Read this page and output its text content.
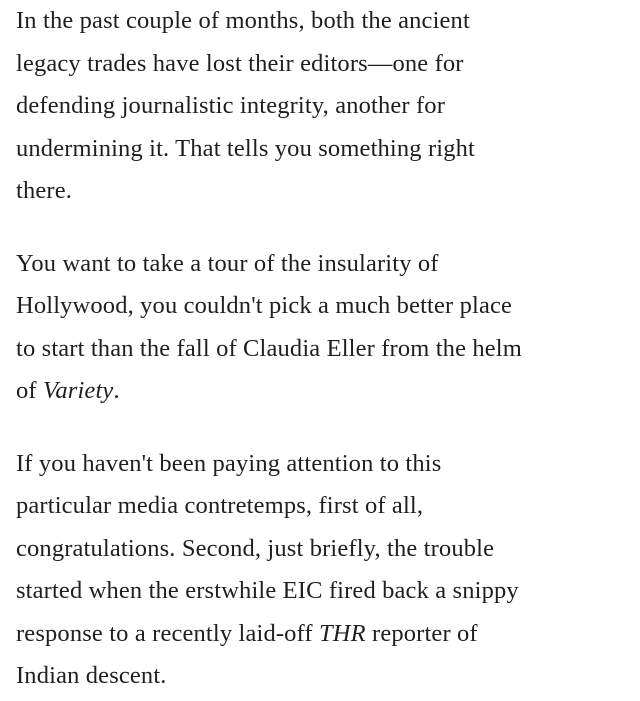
In the past couple of months, both the ancient
legacy trades have lost their editors—one for
defending journalistic integrity, another for
undermining it. That tells you something right
there.

You want to take a tour of the insularity of
Hollywood, you couldn't pick a much better place
to start than the fall of Claudia Eller from the helm
of Variety.

If you haven't been paying attention to this
particular media contretemps, first of all,
congratulations. Second, just briefly, the trouble
started when the erstwhile EIC fired back a snippy
response to a recently laid-off THR reporter of
Indian descent.
